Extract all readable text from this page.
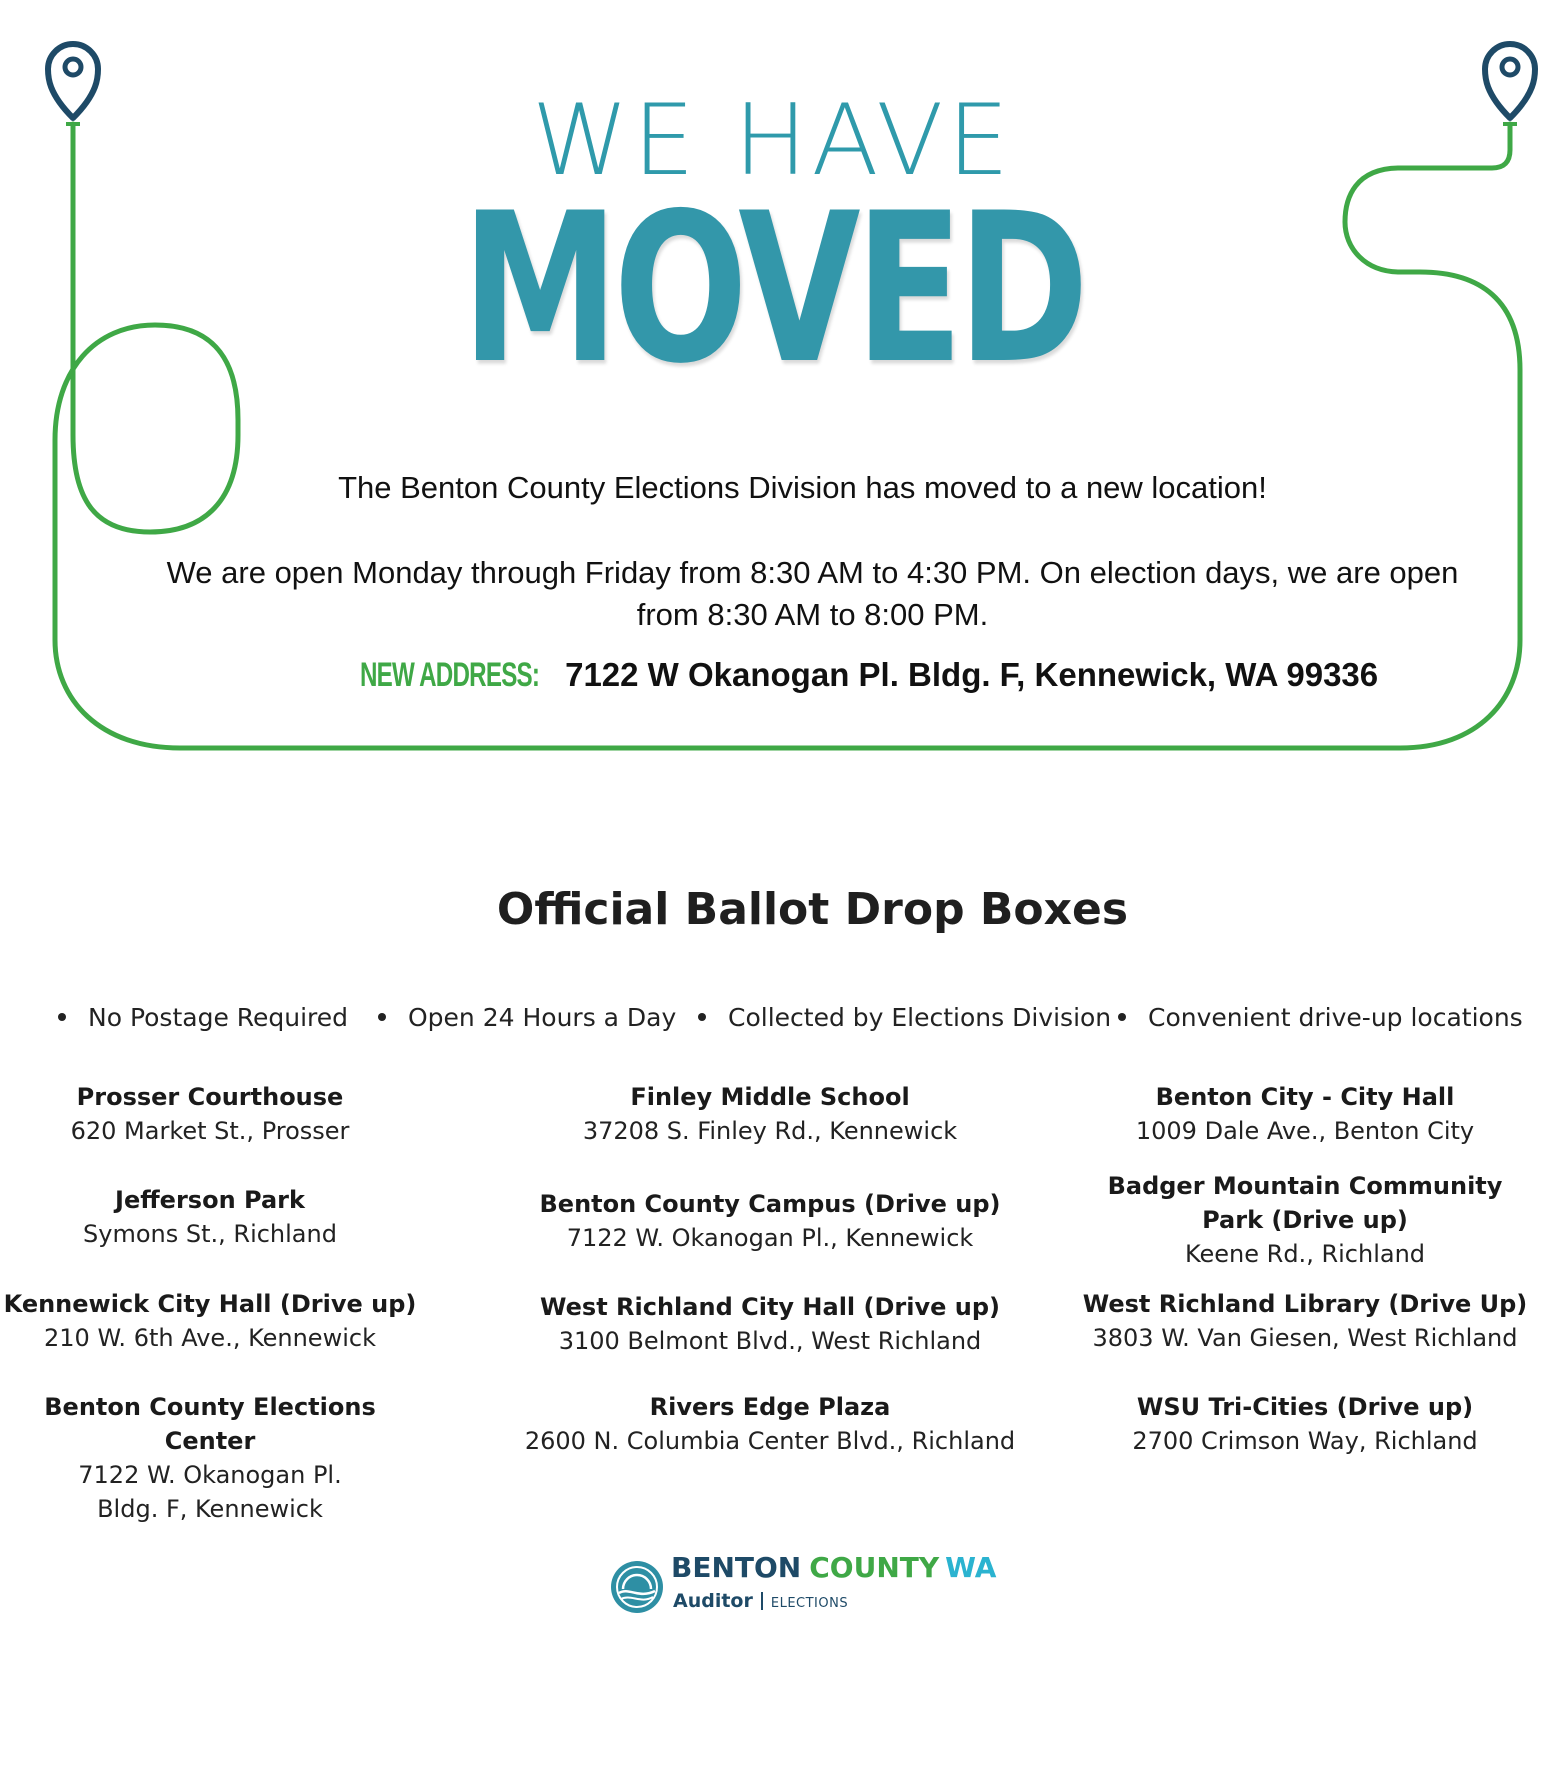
WE HAVE
MOVED
The Benton County Elections Division has moved to a new location!
We are open Monday through Friday from 8:30 AM to 4:30 PM. On election days, we are open from 8:30 AM to 8:00 PM.
NEW ADDRESS: 7122 W Okanogan Pl. Bldg. F, Kennewick, WA 99336
Official Ballot Drop Boxes
No Postage Required	Open 24 Hours a Day	Collected by Elections Division	Convenient drive-up locations
Prosser Courthouse
620 Market St., Prosser
Jefferson Park
Symons St., Richland
Kennewick City Hall (Drive up)
210 W. 6th Ave., Kennewick
Benton County Elections Center
7122 W. Okanogan Pl. Bldg. F, Kennewick
Finley Middle School
37208 S. Finley Rd., Kennewick
Benton County Campus (Drive up)
7122 W. Okanogan Pl., Kennewick
West Richland City Hall (Drive up)
3100 Belmont Blvd., West Richland
Rivers Edge Plaza
2600 N. Columbia Center Blvd., Richland
Benton City - City Hall
1009 Dale Ave., Benton City
Badger Mountain Community Park (Drive up)
Keene Rd., Richland
West Richland Library (Drive Up)
3803 W. Van Giesen, West Richland
WSU Tri-Cities (Drive up)
2700 Crimson Way, Richland
BENTON COUNTY WA
Auditor ELECTIONS
